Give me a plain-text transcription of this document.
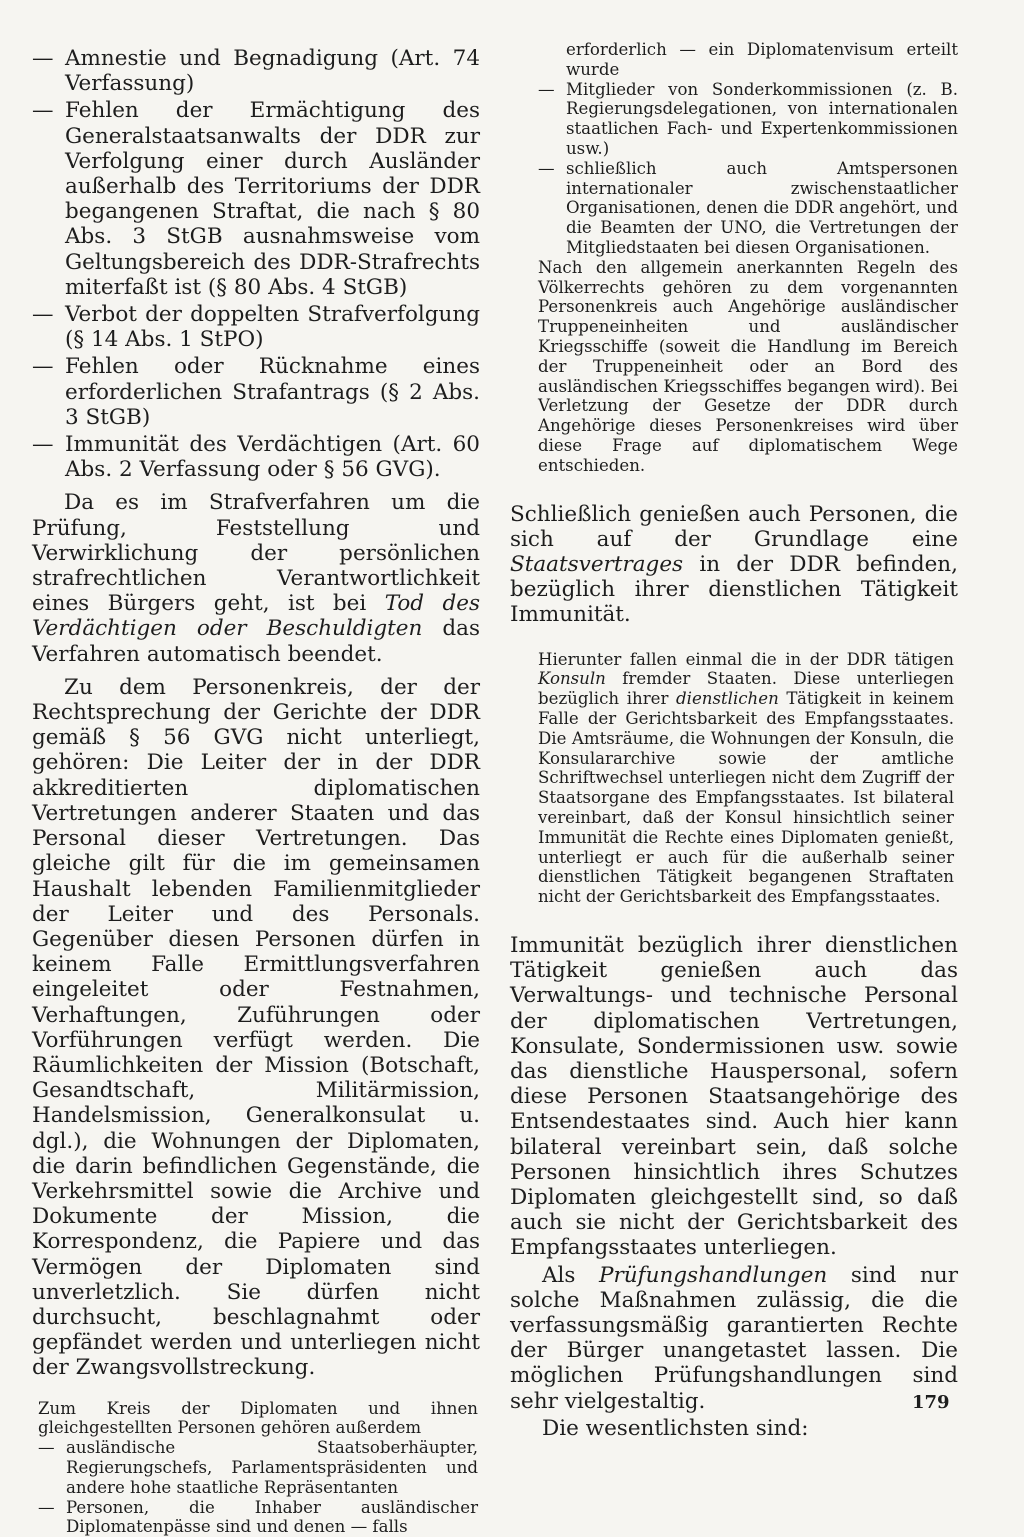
— Amnestie und Begnadigung (Art. 74 Verfassung)
— Fehlen der Ermächtigung des Generalstaatsanwalts der DDR zur Verfolgung einer durch Ausländer außerhalb des Territoriums der DDR begangenen Straftat, die nach § 80 Abs. 3 StGB ausnahmsweise vom Geltungsbereich des DDR-Strafrechts miterfaßt ist (§ 80 Abs. 4 StGB)
— Verbot der doppelten Strafverfolgung (§ 14 Abs. 1 StPO)
— Fehlen oder Rücknahme eines erforderlichen Strafantrags (§ 2 Abs. 3 StGB)
— Immunität des Verdächtigen (Art. 60 Abs. 2 Verfassung oder § 56 GVG).

Da es im Strafverfahren um die Prüfung, Feststellung und Verwirklichung der persönlichen strafrechtlichen Verantwortlichkeit eines Bürgers geht, ist bei Tod des Verdächtigen oder Beschuldigten das Verfahren automatisch beendet.

Zu dem Personenkreis, der der Rechtsprechung der Gerichte der DDR gemäß § 56 GVG nicht unterliegt, gehören: Die Leiter der in der DDR akkreditierten diplomatischen Vertretungen anderer Staaten und das Personal dieser Vertretungen. Das gleiche gilt für die im gemeinsamen Haushalt lebenden Familienmitglieder der Leiter und des Personals. Gegenüber diesen Personen dürfen in keinem Falle Ermittlungsverfahren eingeleitet oder Festnahmen, Verhaftungen, Zuführungen oder Vorführungen verfügt werden. Die Räumlichkeiten der Mission (Botschaft, Gesandtschaft, Militärmission, Handelsmission, Generalkonsulat u. dgl.), die Wohnungen der Diplomaten, die darin befindlichen Gegenstände, die Verkehrsmittel sowie die Archive und Dokumente der Mission, die Korrespondenz, die Papiere und das Vermögen der Diplomaten sind unverletzlich. Sie dürfen nicht durchsucht, beschlagnahmt oder gepfändet werden und unterliegen nicht der Zwangsvollstreckung.

Zum Kreis der Diplomaten und ihnen gleichgestellten Personen gehören außerdem

— ausländische Staatsoberhäupter, Regierungschefs, Parlamentspräsidenten und andere hohe staatliche Repräsentanten
— Personen, die Inhaber ausländischer Diplomatenpässe sind und denen — falls

erforderlich — ein Diplomatenvisum erteilt wurde

— Mitglieder von Sonderkommissionen (z. B. Regierungsdelegationen, von internationalen staatlichen Fach- und Expertenkommissionen usw.)
— schließlich auch Amtspersonen internationaler zwischenstaatlicher Organisationen, denen die DDR angehört, und die Beamten der UNO, die Vertretungen der Mitgliedstaaten bei diesen Organisationen.

Nach den allgemein anerkannten Regeln des Völkerrechts gehören zu dem vorgenannten Personenkreis auch Angehörige ausländischer Truppeneinheiten und ausländischer Kriegsschiffe (soweit die Handlung im Bereich der Truppeneinheit oder an Bord des ausländischen Kriegsschiffes begangen wird). Bei Verletzung der Gesetze der DDR durch Angehörige dieses Personenkreises wird über diese Frage auf diplomatischem Wege entschieden.

Schließlich genießen auch Personen, die sich auf der Grundlage eine Staatsvertrages in der DDR befinden, bezüglich ihrer dienstlichen Tätigkeit Immunität.

Hierunter fallen einmal die in der DDR tätigen Konsuln fremder Staaten. Diese unterliegen bezüglich ihrer dienstlichen Tätigkeit in keinem Falle der Gerichtsbarkeit des Empfangsstaates. Die Amtsräume, die Wohnungen der Konsuln, die Konsulararchive sowie der amtliche Schriftwechsel unterliegen nicht dem Zugriff der Staatsorgane des Empfangsstaates. Ist bilateral vereinbart, daß der Konsul hinsichtlich seiner Immunität die Rechte eines Diplomaten genießt, unterliegt er auch für die außerhalb seiner dienstlichen Tätigkeit begangenen Straftaten nicht der Gerichtsbarkeit des Empfangsstaates.

Immunität bezüglich ihrer dienstlichen Tätigkeit genießen auch das Verwaltungs- und technische Personal der diplomatischen Vertretungen, Konsulate, Sondermissionen usw. sowie das dienstliche Hauspersonal, sofern diese Personen Staatsangehörige des Entsendestaates sind. Auch hier kann bilateral vereinbart sein, daß solche Personen hinsichtlich ihres Schutzes Diplomaten gleichgestellt sind, so daß auch sie nicht der Gerichtsbarkeit des Empfangsstaates unterliegen.

Als Prüfungshandlungen sind nur solche Maßnahmen zulässig, die die verfassungsmäßig garantierten Rechte der Bürger unangetastet lassen. Die möglichen Prüfungshandlungen sind sehr vielgestaltig.

Die wesentlichsten sind:

179
